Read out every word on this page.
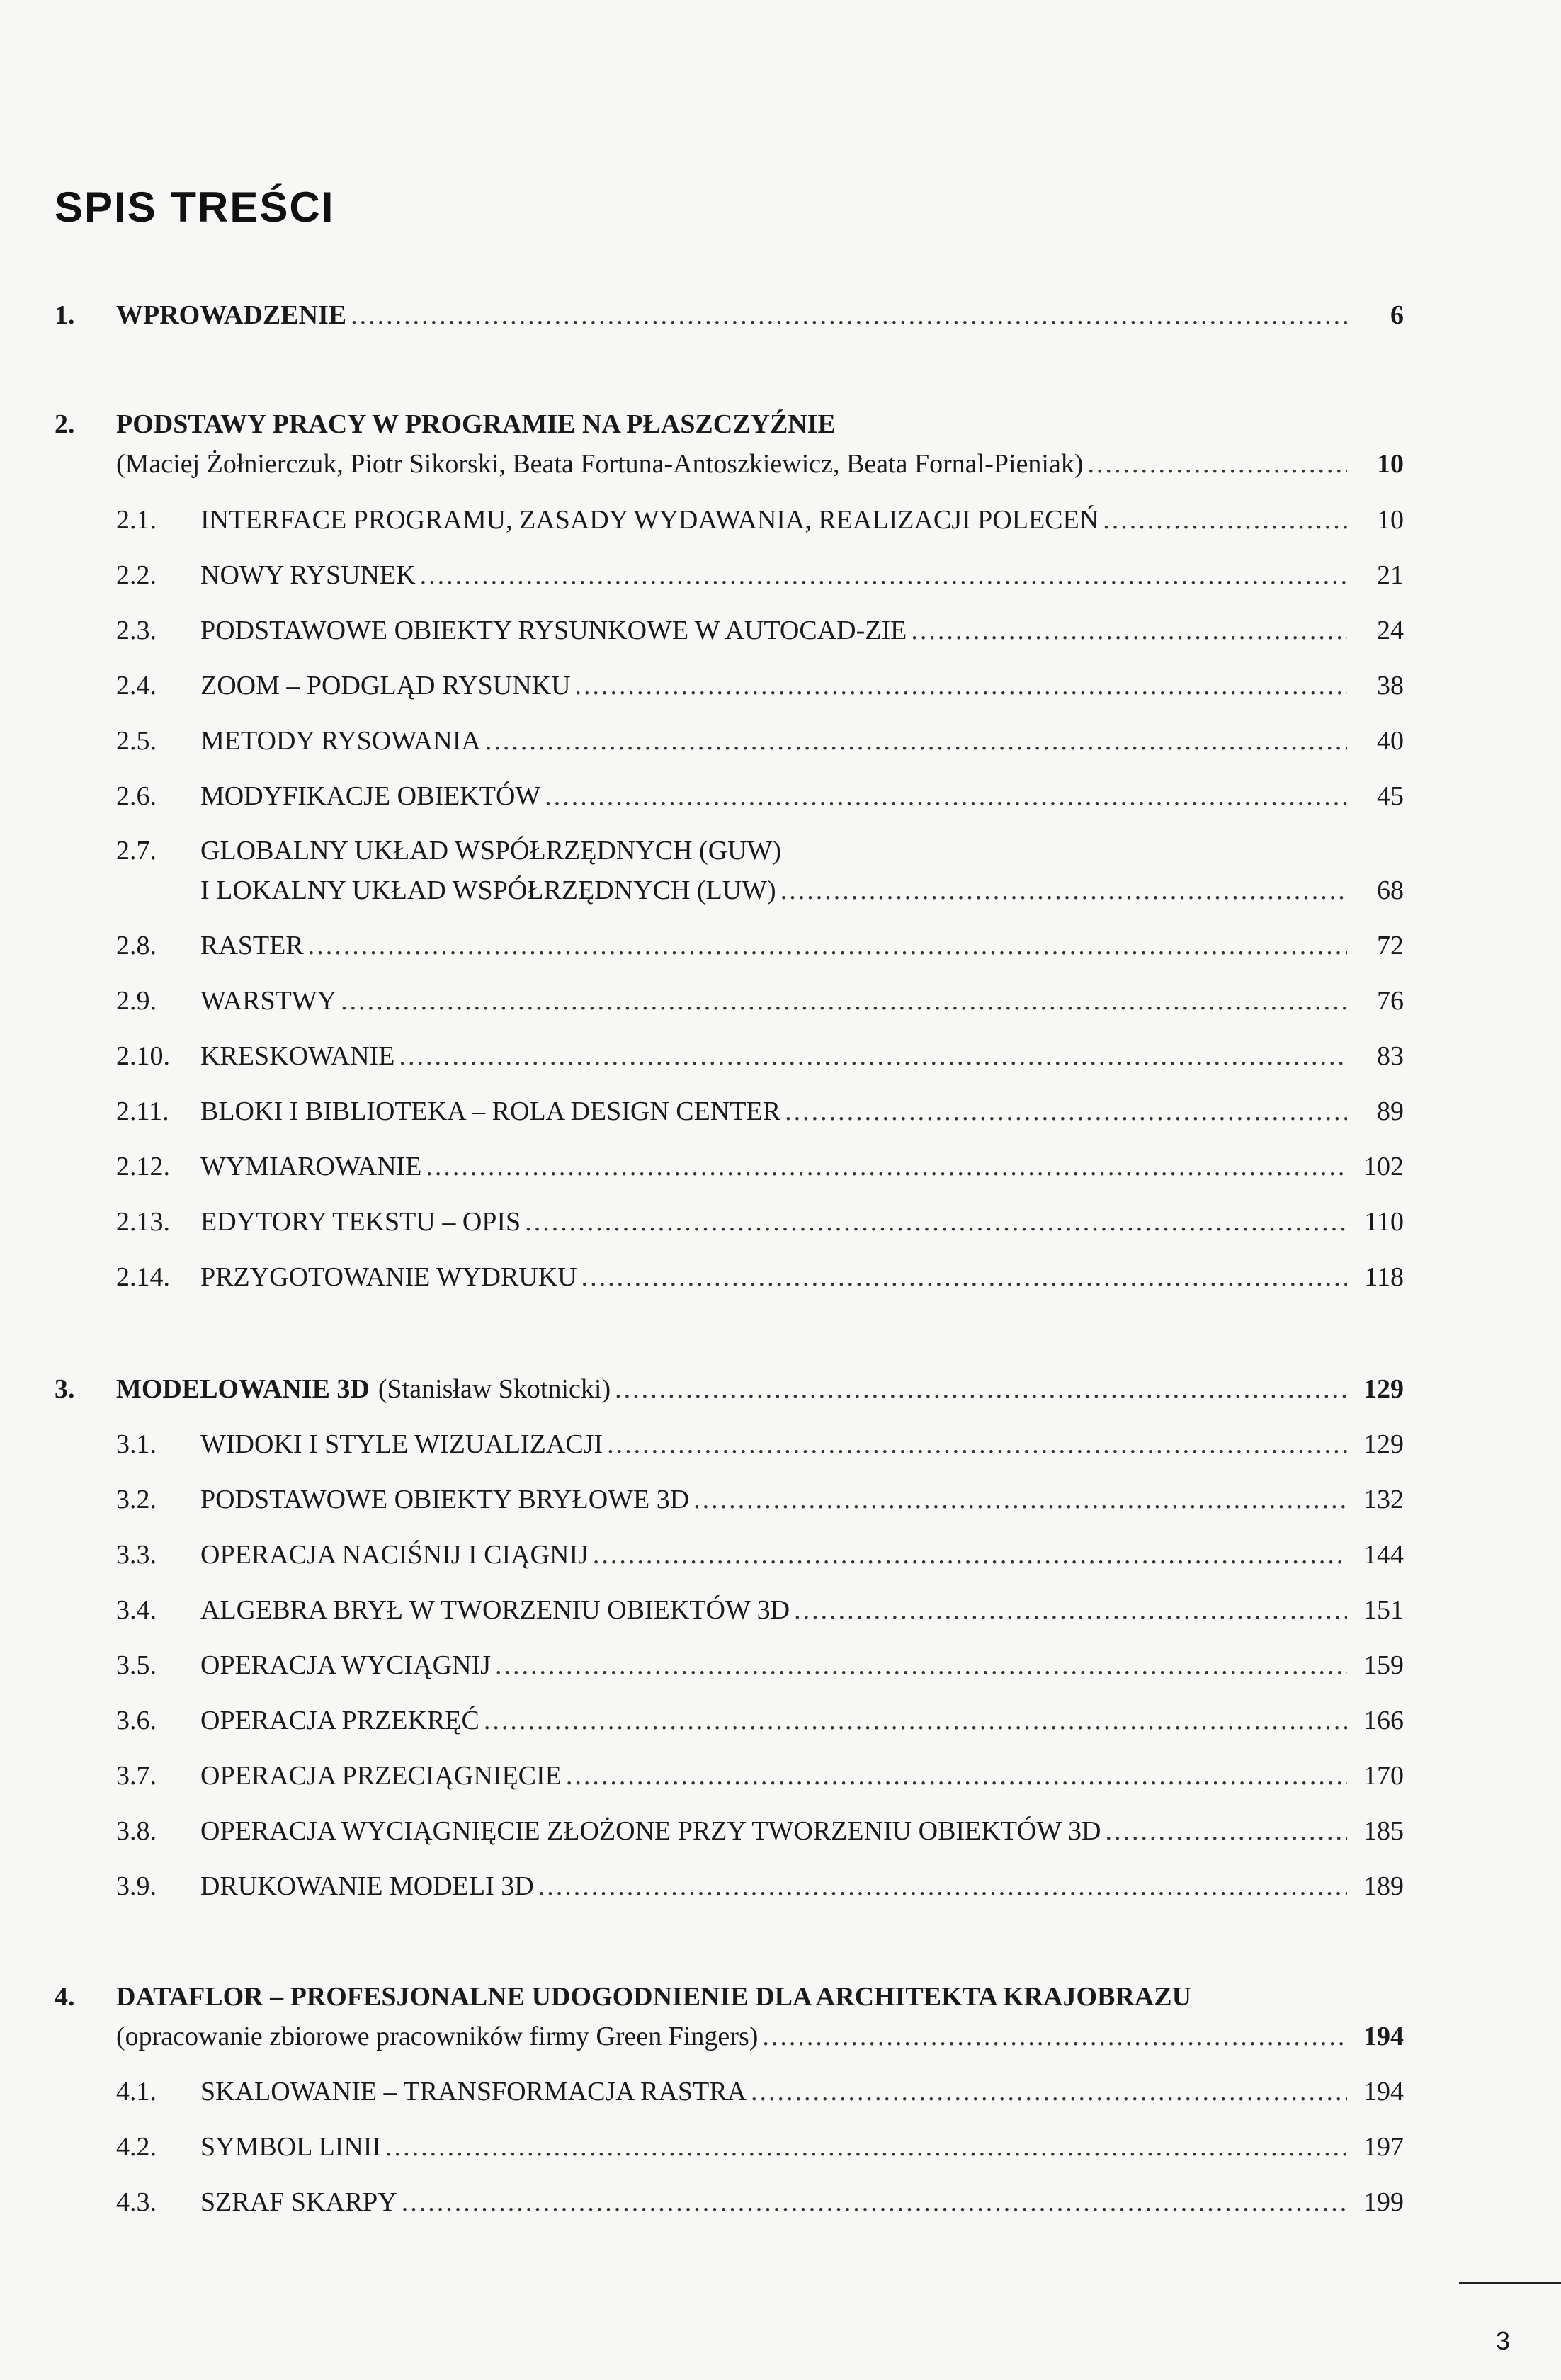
SPIS TREŚCI
1. WPROWADZENIE .....	6
2. PODSTAWY PRACY W PROGRAMIE NA PŁASZCZYŹNIE
(Maciej Żołnierczuk, Piotr Sikorski, Beata Fortuna-Antoszkiewicz, Beata Fornal-Pieniak) .....	10
2.1. INTERFACE PROGRAMU, ZASADY WYDAWANIA, REALIZACJI POLECEŃ .....	10
2.2. NOWY RYSUNEK .....	21
2.3. PODSTAWOWE OBIEKTY RYSUNKOWE W AUTOCAD-ZIE .....	24
2.4. ZOOM – PODGLĄD RYSUNKU .....	38
2.5. METODY RYSOWANIA .....	40
2.6. MODYFIKACJE OBIEKTÓW .....	45
2.7. GLOBALNY UKŁAD WSPÓŁRZĘDNYCH (GUW)
I LOKALNY UKŁAD WSPÓŁRZĘDNYCH (LUW) .....	68
2.8. RASTER .....	72
2.9. WARSTWY .....	76
2.10. KRESKOWANIE .....	83
2.11. BLOKI I BIBLIOTEKA – ROLA DESIGN CENTER .....	89
2.12. WYMIAROWANIE .....	102
2.13. EDYTORY TEKSTU – OPIS .....	110
2.14. PRZYGOTOWANIE WYDRUKU .....	118
3. MODELOWANIE 3D (Stanisław Skotnicki) .....	129
3.1. WIDOKI I STYLE WIZUALIZACJI .....	129
3.2. PODSTAWOWE OBIEKTY BRYŁOWE 3D .....	132
3.3. OPERACJA NACIŚNIJ I CIĄGNIJ .....	144
3.4. ALGEBRA BRYŁ W TWORZENIU OBIEKTÓW 3D .....	151
3.5. OPERACJA WYCIĄGNIJ .....	159
3.6. OPERACJA PRZEKRĘĆ .....	166
3.7. OPERACJA PRZECIĄGNIĘCIE .....	170
3.8. OPERACJA WYCIĄGNIĘCIE ZŁOŻONE PRZY TWORZENIU OBIEKTÓW 3D .....	185
3.9. DRUKOWANIE MODELI 3D .....	189
4. DATAFLOR – PROFESJONALNE UDOGODNIENIE DLA ARCHITEKTA KRAJOBRAZU
(opracowanie zbiorowe pracowników firmy Green Fingers) .....	194
4.1. SKALOWANIE – TRANSFORMACJA RASTRA .....	194
4.2. SYMBOL LINII .....	197
4.3. SZRAF SKARPY .....	199
3
